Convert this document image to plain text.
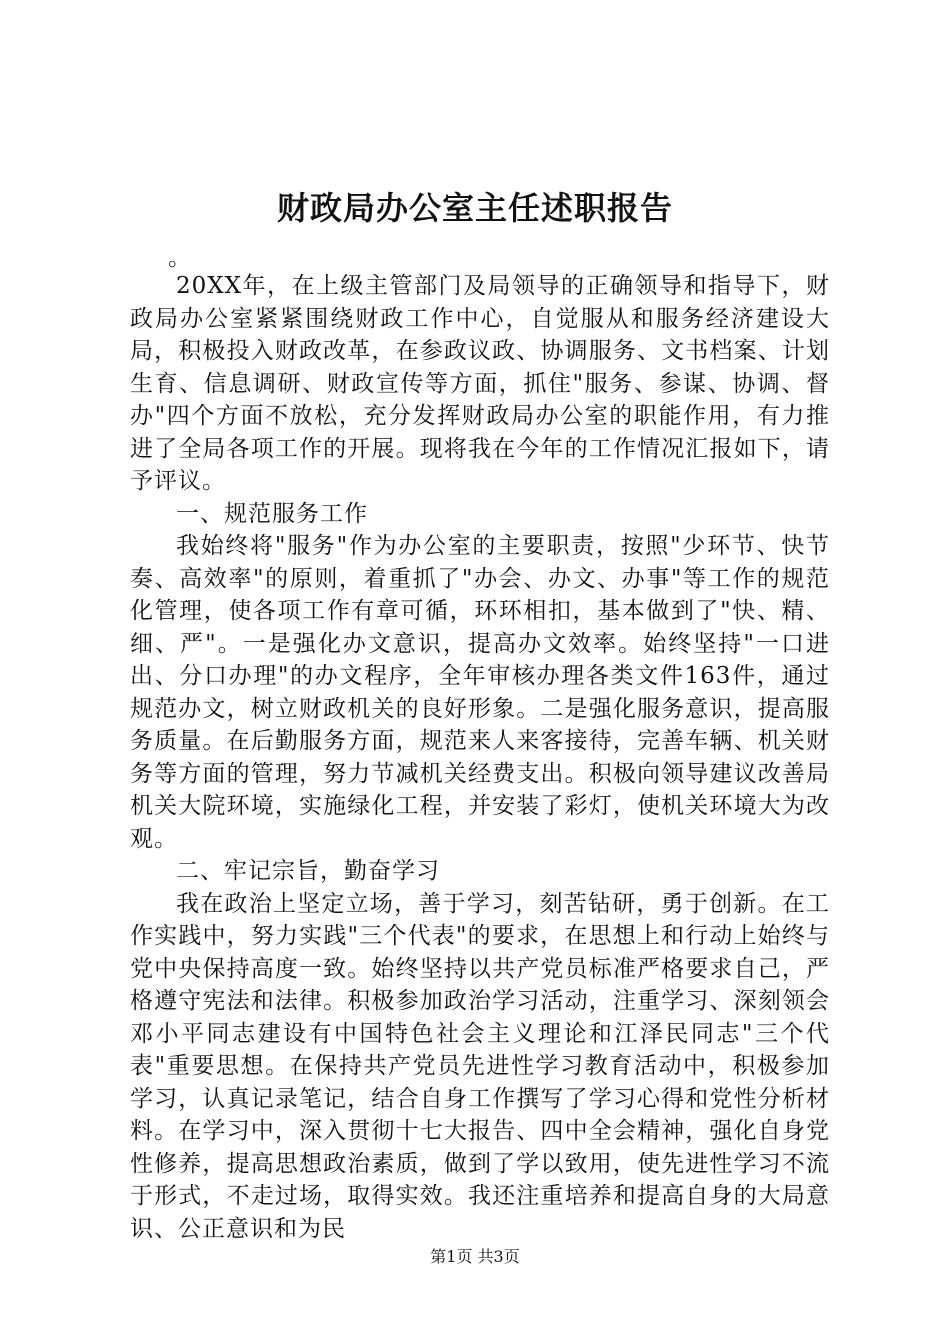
财政局办公室主任述职报告

。

20XX年，在上级主管部门及局领导的正确领导和指导下，财政局办公室紧紧围绕财政工作中心，自觉服从和服务经济建设大局，积极投入财政改革，在参政议政、协调服务、文书档案、计划生育、信息调研、财政宣传等方面，抓住"服务、参谋、协调、督办"四个方面不放松，充分发挥财政局办公室的职能作用，有力推进了全局各项工作的开展。现将我在今年的工作情况汇报如下，请予评议。

一、规范服务工作

我始终将"服务"作为办公室的主要职责，按照"少环节、快节奏、高效率"的原则，着重抓了"办会、办文、办事"等工作的规范化管理，使各项工作有章可循，环环相扣，基本做到了"快、精、细、严"。一是强化办文意识，提高办文效率。始终坚持"一口进出、分口办理"的办文程序，全年审核办理各类文件163件，通过规范办文，树立财政机关的良好形象。二是强化服务意识，提高服务质量。在后勤服务方面，规范来人来客接待，完善车辆、机关财务等方面的管理，努力节减机关经费支出。积极向领导建议改善局机关大院环境，实施绿化工程，并安装了彩灯，使机关环境大为改观。

二、牢记宗旨，勤奋学习

我在政治上坚定立场，善于学习，刻苦钻研，勇于创新。在工作实践中，努力实践"三个代表"的要求，在思想上和行动上始终与党中央保持高度一致。始终坚持以共产党员标准严格要求自己，严格遵守宪法和法律。积极参加政治学习活动，注重学习、深刻领会邓小平同志建设有中国特色社会主义理论和江泽民同志"三个代表"重要思想。在保持共产党员先进性学习教育活动中，积极参加学习，认真记录笔记，结合自身工作撰写了学习心得和党性分析材料。在学习中，深入贯彻十七大报告、四中全会精神，强化自身党性修养，提高思想政治素质，做到了学以致用，使先进性学习不流于形式，不走过场，取得实效。我还注重培养和提高自身的大局意识、公正意识和为民

第1页 共3页
